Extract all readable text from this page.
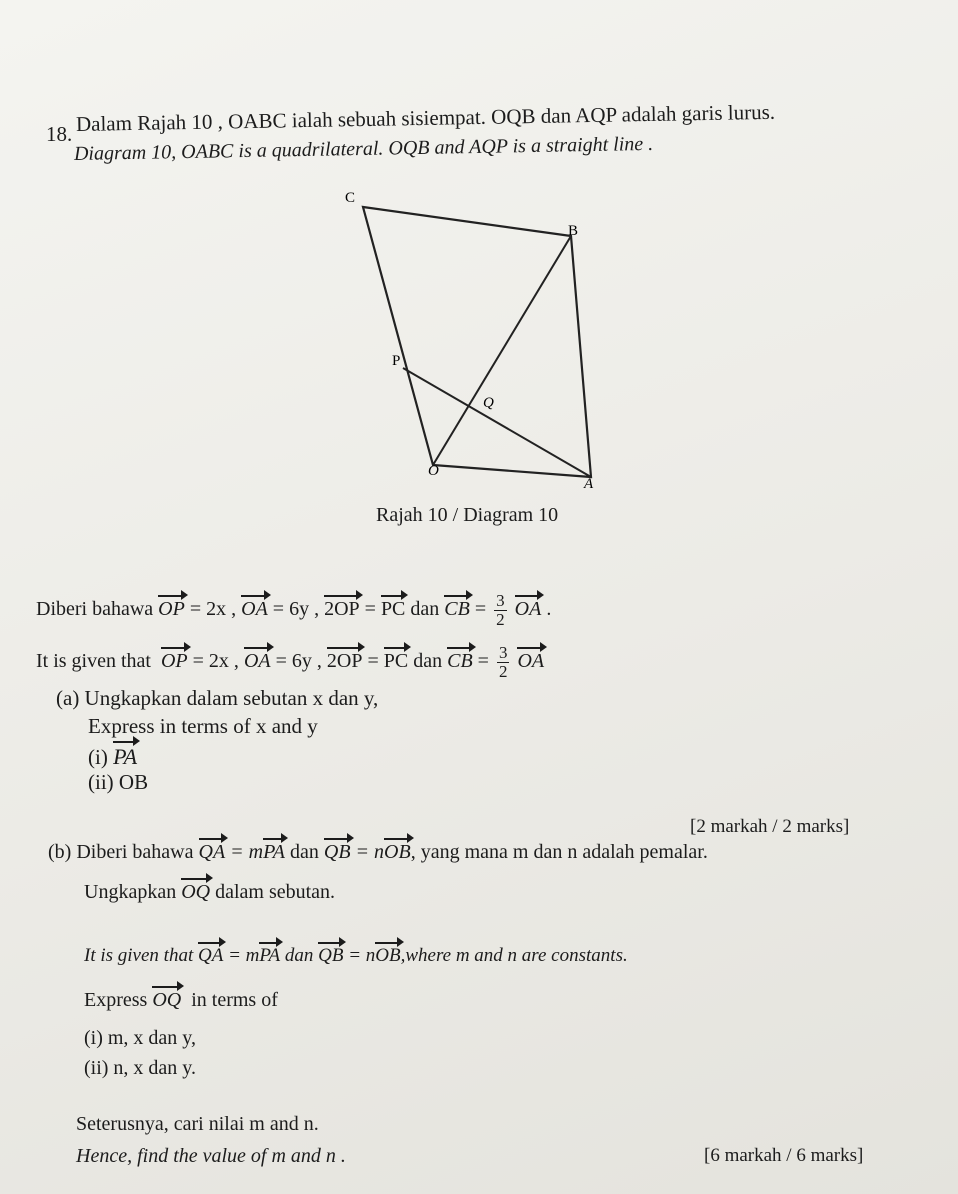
18. Dalam Rajah 10 , OABC ialah sebuah sisiempat. OQB dan AQP adalah garis lurus.
Diagram 10, OABC is a quadrilateral. OQB and AQP is a straight line .
C
B
P
Q
O
A
Rajah 10 / Diagram 10
Diberi bahawa OP = 2x , OA = 6y , 2OP = PC dan CB = $\frac{3}{2}$ OA .
It is given that OP = 2x , OA = 6y , 2OP = PC dan CB = $\frac{3}{2}$ OA
(a) Ungkapkan dalam sebutan x dan y,
Express in terms of x and y
(i) PA
(ii) OB
[2 markah / 2 marks]
(b) Diberi bahawa QA = mPA dan QB = nOB, yang mana m dan n adalah pemalar.
Ungkapkan OQ dalam sebutan.
It is given that QA = mPA dan QB = nOB,where m and n are constants.
Express OQ in terms of
(i) m, x dan y,
(ii) n, x dan y.
Seterusnya, cari nilai m and n.
Hence, find the value of m and n .	[6 markah / 6 marks]
